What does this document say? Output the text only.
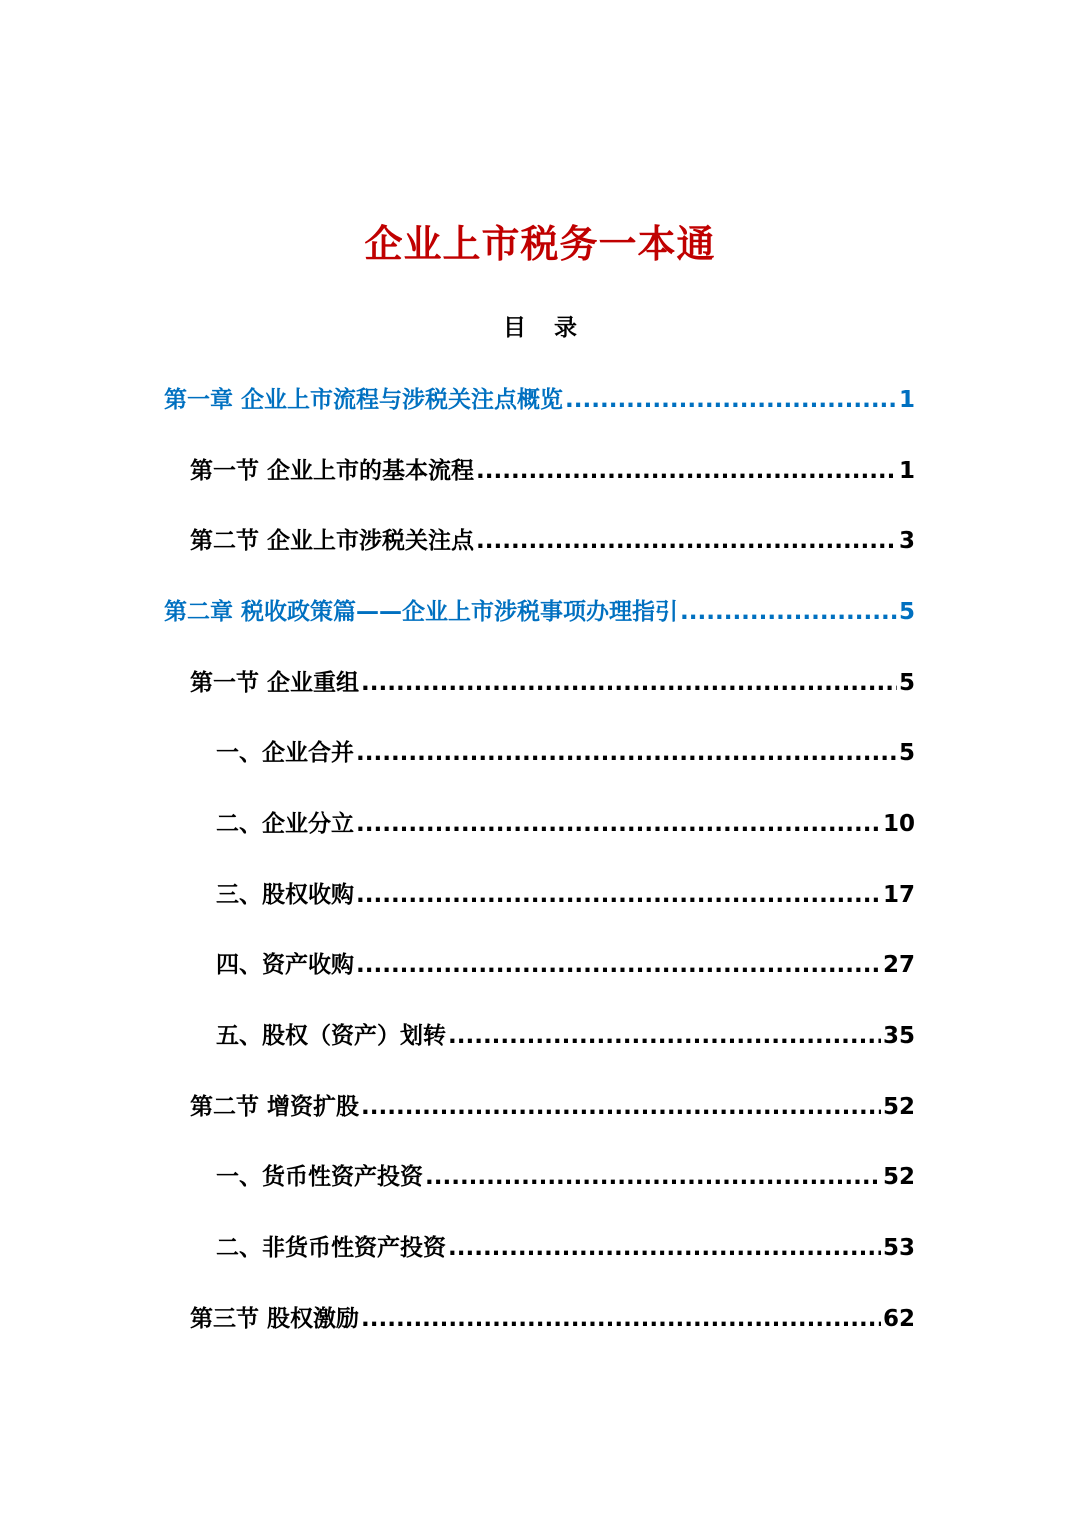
企业上市税务一本通
目 录
第一章 企业上市流程与涉税关注点概览 .....	1
第一节 企业上市的基本流程 .....	1
第二节 企业上市涉税关注点 .....	3
第二章 税收政策篇——企业上市涉税事项办理指引 .....	5
第一节 企业重组 .....	5
一、企业合并 .....	5
二、企业分立 .....	10
三、股权收购 .....	17
四、资产收购 .....	27
五、股权（资产）划转 .....	35
第二节 增资扩股 .....	52
一、货币性资产投资 .....	52
二、非货币性资产投资 .....	53
第三节 股权激励 .....	62
